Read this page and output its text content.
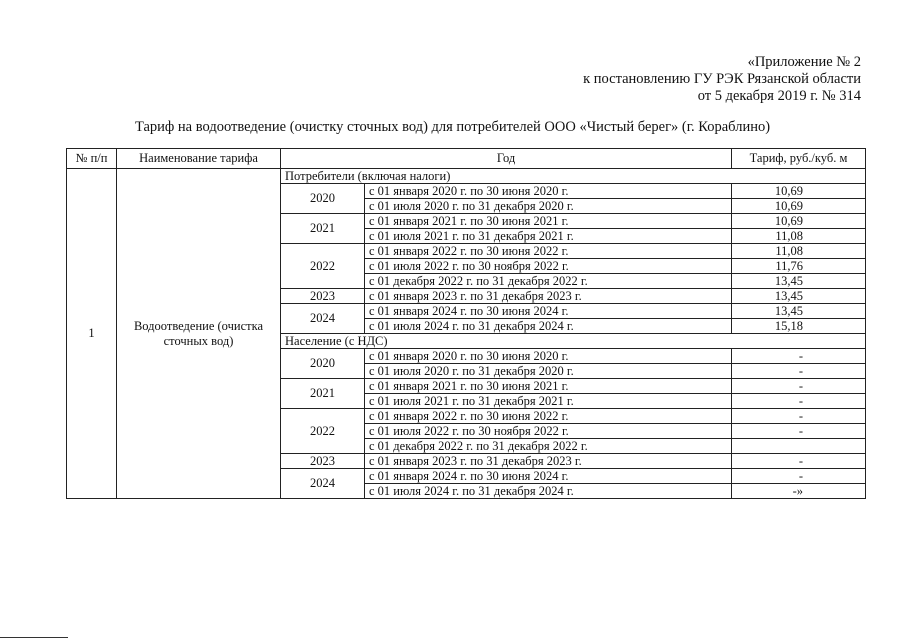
«Приложение № 2
к постановлению ГУ РЭК Рязанской области
от 5 декабря 2019 г. № 314
Тариф на водоотведение (очистку сточных вод) для потребителей ООО «Чистый берег» (г. Кораблино)
№ п/п	Наименование тарифа	Год		Тариф, руб./куб. м
1	Водоотведение (очистка сточных вод)	Потребители (включая налоги)		
		2020	с 01 января 2020 г. по 30 июня 2020 г.	10,69
			с 01 июля 2020 г. по 31 декабря 2020 г.	10,69
		2021	с 01 января 2021 г. по 30 июня 2021 г.	10,69
			с 01 июля 2021 г. по 31 декабря 2021 г.	11,08
		2022	с 01 января 2022 г. по 30 июня 2022 г.	11,08
			с 01 июля 2022 г. по 30 ноября 2022 г.	11,76
			с 01 декабря 2022 г. по 31 декабря 2022 г.	13,45
		2023	с 01 января 2023 г. по 31 декабря 2023 г.	13,45
		2024	с 01 января 2024 г. по 30 июня 2024 г.	13,45
			с 01 июля 2024 г. по 31 декабря 2024 г.	15,18
		Население (с НДС)		
		2020	с 01 января 2020 г. по 30 июня 2020 г.	-
			с 01 июля 2020 г. по 31 декабря 2020 г.	-
		2021	с 01 января 2021 г. по 30 июня 2021 г.	-
			с 01 июля 2021 г. по 31 декабря 2021 г.	-
		2022	с 01 января 2022 г. по 30 июня 2022 г.	-
			с 01 июля 2022 г. по 30 ноября 2022 г.	-
			с 01 декабря 2022 г. по 31 декабря 2022 г.	
		2023	с 01 января 2023 г. по 31 декабря 2023 г.	-
		2024	с 01 января 2024 г. по 30 июня 2024 г.	-
			с 01 июля 2024 г. по 31 декабря 2024 г.	-»
